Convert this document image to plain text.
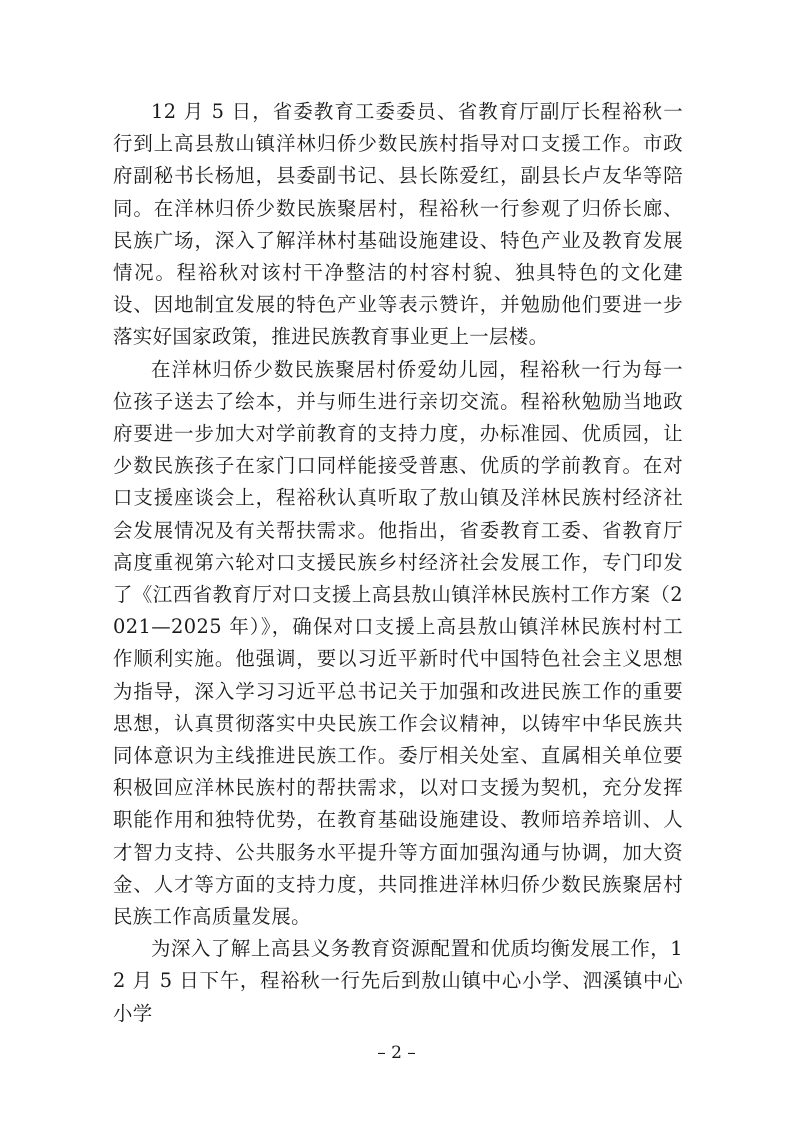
12 月 5 日，省委教育工委委员、省教育厅副厅长程裕秋一行到上高县敖山镇洋林归侨少数民族村指导对口支援工作。市政府副秘书长杨旭，县委副书记、县长陈爱红，副县长卢友华等陪同。在洋林归侨少数民族聚居村，程裕秋一行参观了归侨长廊、民族广场，深入了解洋林村基础设施建设、特色产业及教育发展情况。程裕秋对该村干净整洁的村容村貌、独具特色的文化建设、因地制宜发展的特色产业等表示赞许，并勉励他们要进一步落实好国家政策，推进民族教育事业更上一层楼。

在洋林归侨少数民族聚居村侨爱幼儿园，程裕秋一行为每一位孩子送去了绘本，并与师生进行亲切交流。程裕秋勉励当地政府要进一步加大对学前教育的支持力度，办标准园、优质园，让少数民族孩子在家门口同样能接受普惠、优质的学前教育。在对口支援座谈会上，程裕秋认真听取了敖山镇及洋林民族村经济社会发展情况及有关帮扶需求。他指出，省委教育工委、省教育厅高度重视第六轮对口支援民族乡村经济社会发展工作，专门印发了《江西省教育厅对口支援上高县敖山镇洋林民族村工作方案（2021—2025 年）》，确保对口支援上高县敖山镇洋林民族村村工作顺利实施。他强调，要以习近平新时代中国特色社会主义思想为指导，深入学习习近平总书记关于加强和改进民族工作的重要思想，认真贯彻落实中央民族工作会议精神，以铸牢中华民族共同体意识为主线推进民族工作。委厅相关处室、直属相关单位要积极回应洋林民族村的帮扶需求，以对口支援为契机，充分发挥职能作用和独特优势，在教育基础设施建设、教师培养培训、人才智力支持、公共服务水平提升等方面加强沟通与协调，加大资金、人才等方面的支持力度，共同推进洋林归侨少数民族聚居村民族工作高质量发展。

为深入了解上高县义务教育资源配置和优质均衡发展工作，12 月 5 日下午，程裕秋一行先后到敖山镇中心小学、泗溪镇中心小学

– 2 –
